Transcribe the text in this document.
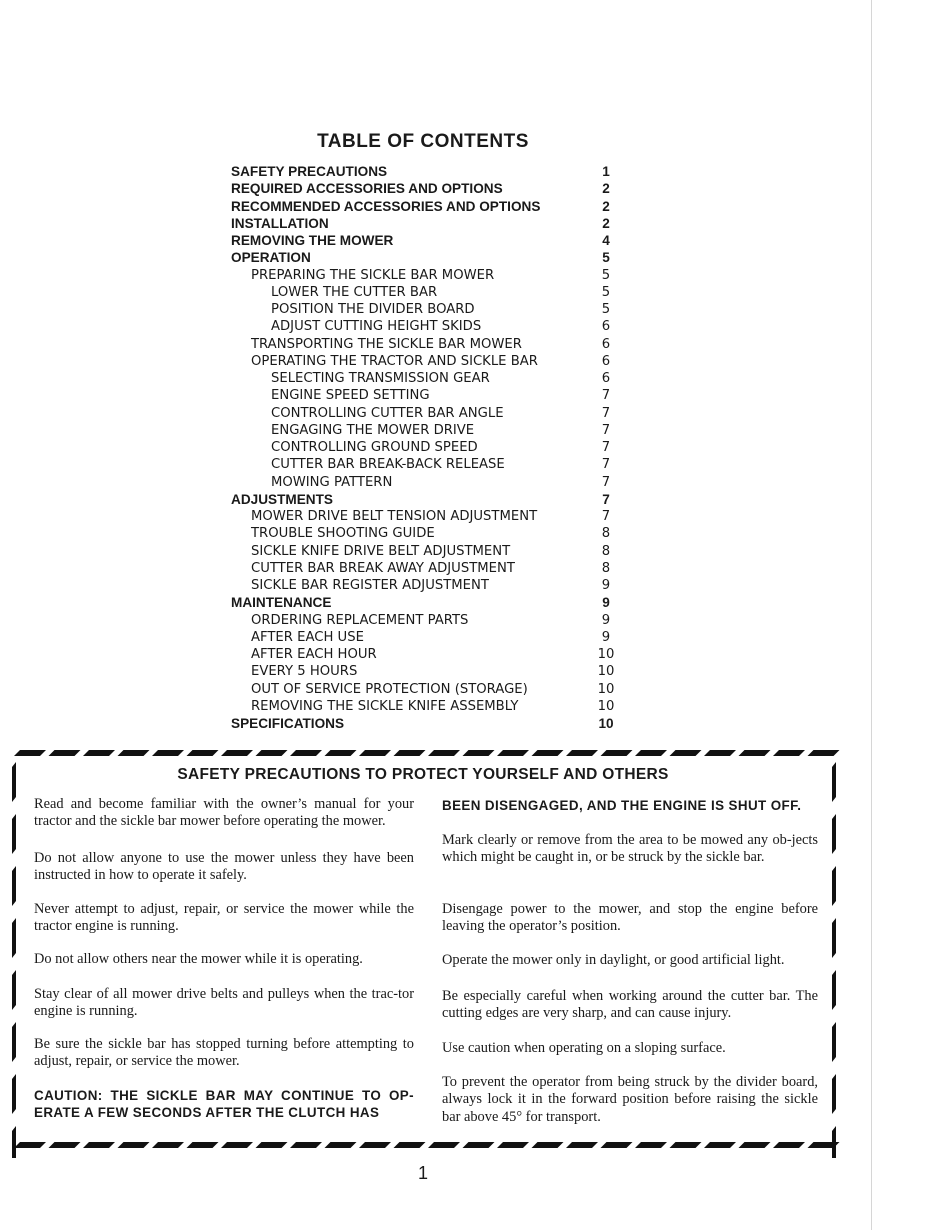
TABLE OF CONTENTS
SAFETY PRECAUTIONS	1
REQUIRED ACCESSORIES AND OPTIONS	2
RECOMMENDED ACCESSORIES AND OPTIONS	2
INSTALLATION	2
REMOVING THE MOWER	4
OPERATION	5
PREPARING THE SICKLE BAR MOWER	5
LOWER THE CUTTER BAR	5
POSITION THE DIVIDER BOARD	5
ADJUST CUTTING HEIGHT SKIDS	6
TRANSPORTING THE SICKLE BAR MOWER	6
OPERATING THE TRACTOR AND SICKLE BAR	6
SELECTING TRANSMISSION GEAR	6
ENGINE SPEED SETTING	7
CONTROLLING CUTTER BAR ANGLE	7
ENGAGING THE MOWER DRIVE	7
CONTROLLING GROUND SPEED	7
CUTTER BAR BREAK-BACK RELEASE	7
MOWING PATTERN	7
ADJUSTMENTS	7
MOWER DRIVE BELT TENSION ADJUSTMENT	7
TROUBLE SHOOTING GUIDE	8
SICKLE KNIFE DRIVE BELT ADJUSTMENT	8
CUTTER BAR BREAK AWAY ADJUSTMENT	8
SICKLE BAR REGISTER ADJUSTMENT	9
MAINTENANCE	9
ORDERING REPLACEMENT PARTS	9
AFTER EACH USE	9
AFTER EACH HOUR	10
EVERY 5 HOURS	10
OUT OF SERVICE PROTECTION (STORAGE)	10
REMOVING THE SICKLE KNIFE ASSEMBLY	10
SPECIFICATIONS	10
SAFETY PRECAUTIONS TO PROTECT YOURSELF AND OTHERS

Read and become familiar with the owner’s manual for your tractor and the sickle bar mower before operating the mower.

Do not allow anyone to use the mower unless they have been instructed in how to operate it safely.

Never attempt to adjust, repair, or service the mower while the tractor engine is running.

Do not allow others near the mower while it is operating.

Stay clear of all mower drive belts and pulleys when the trac-tor engine is running.

Be sure the sickle bar has stopped turning before attempting to adjust, repair, or service the mower.

CAUTION: THE SICKLE BAR MAY CONTINUE TO OP-ERATE A FEW SECONDS AFTER THE CLUTCH HAS

BEEN DISENGAGED, AND THE ENGINE IS SHUT OFF.

Mark clearly or remove from the area to be mowed any ob-jects which might be caught in, or be struck by the sickle bar.

Disengage power to the mower, and stop the engine before leaving the operator’s position.

Operate the mower only in daylight, or good artificial light.

Be especially careful when working around the cutter bar. The cutting edges are very sharp, and can cause injury.

Use caution when operating on a sloping surface.

To prevent the operator from being struck by the divider board, always lock it in the forward position before raising the sickle bar above 45° for transport.

1
